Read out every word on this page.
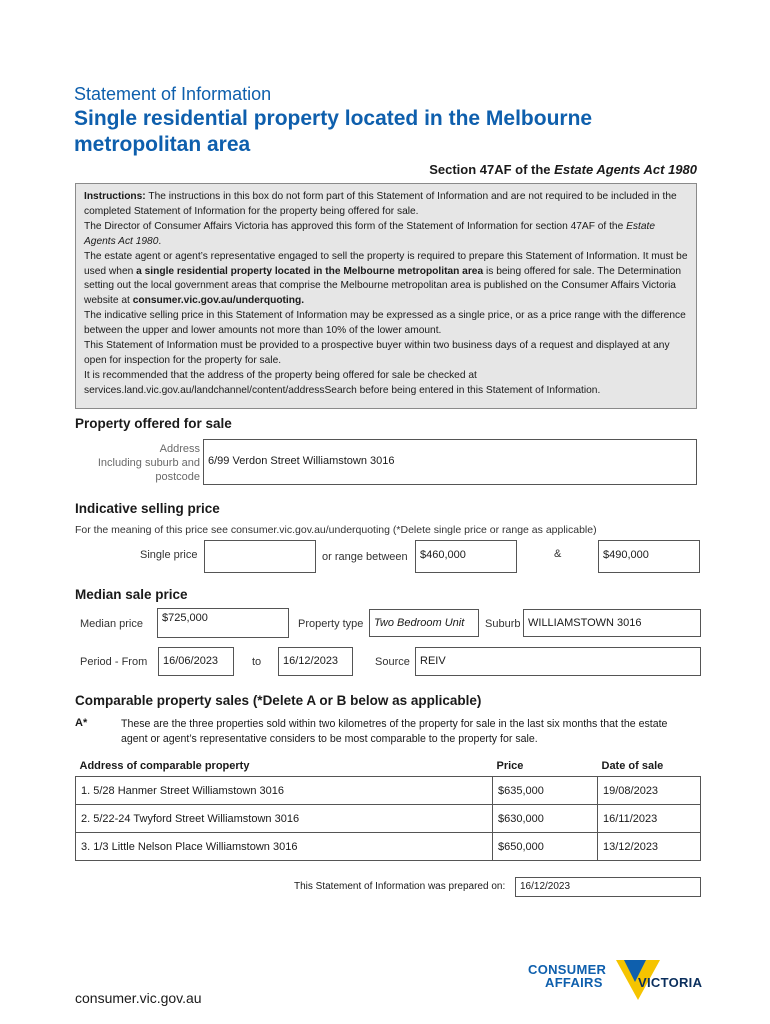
Statement of Information
Single residential property located in the Melbourne
metropolitan area
Section 47AF of the Estate Agents Act 1980

Instructions: The instructions in this box do not form part of this Statement of Information and are not required to be included in the completed Statement of Information for the property being offered for sale.

The Director of Consumer Affairs Victoria has approved this form of the Statement of Information for section 47AF of the Estate Agents Act 1980.

The estate agent or agent’s representative engaged to sell the property is required to prepare this Statement of Information. It must be used when a single residential property located in the Melbourne metropolitan area is being offered for sale. The Determination setting out the local government areas that comprise the Melbourne metropolitan area is published on the Consumer Affairs Victoria website at consumer.vic.gov.au/underquoting.

The indicative selling price in this Statement of Information may be expressed as a single price, or as a price range with the difference between the upper and lower amounts not more than 10% of the lower amount.

This Statement of Information must be provided to a prospective buyer within two business days of a request and displayed at any open for inspection for the property for sale.

It is recommended that the address of the property being offered for sale be checked at services.land.vic.gov.au/landchannel/content/addressSearch before being entered in this Statement of Information.

Property offered for sale
Address
Including suburb and
postcode
6/99 Verdon Street Williamstown 3016
Indicative selling price
For the meaning of this price see consumer.vic.gov.au/underquoting (*Delete single price or range as applicable)
Single price	or range between	$460,000	&	$490,000
Median sale price
Median price	$725,000	Property type Two Bedroom Unit	Suburb WILLIAMSTOWN 3016
Period - From	16/06/2023	to	16/12/2023	Source REIV
Comparable property sales (*Delete A or B below as applicable)
A*	These are the three properties sold within two kilometres of the property for sale in the last six months that the estate agent or agent’s representative considers to be most comparable to the property for sale.
Address of comparable property	Price	Date of sale
1. 5/28 Hanmer Street Williamstown 3016	$635,000	19/08/2023
2. 5/22-24 Twyford Street Williamstown 3016	$630,000	16/11/2023
3. 1/3 Little Nelson Place Williamstown 3016	$650,000	13/12/2023
This Statement of Information was prepared on:	16/12/2023
consumer.vic.gov.au
CONSUMER
AFFAIRS	VICTORIA
